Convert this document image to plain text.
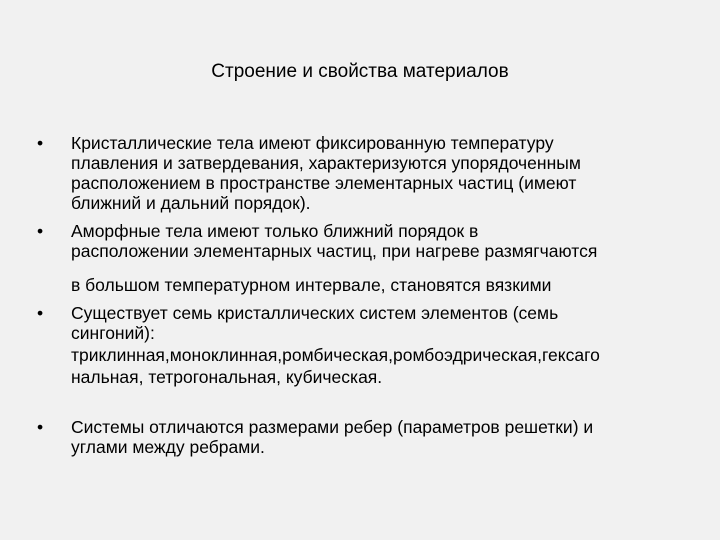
Строение и свойства материалов
• Кристаллические тела имеют фиксированную температуру

плавления и затвердевания, характеризуются упорядоченным

расположением в пространстве элементарных частиц (имеют

ближний и дальний порядок).

• Аморфные тела имеют только ближний порядок в

расположении элементарных частиц, при нагреве размягчаются

в большом температурном интервале, становятся вязкими

• Существует семь кристаллических систем элементов (семь

сингоний):

триклинная,моноклинная,ромбическая,ромбоэдрическая,гексаго

нальная, тетрогональная, кубическая.

• Системы отличаются размерами ребер (параметров решетки) и

углами между ребрами.
